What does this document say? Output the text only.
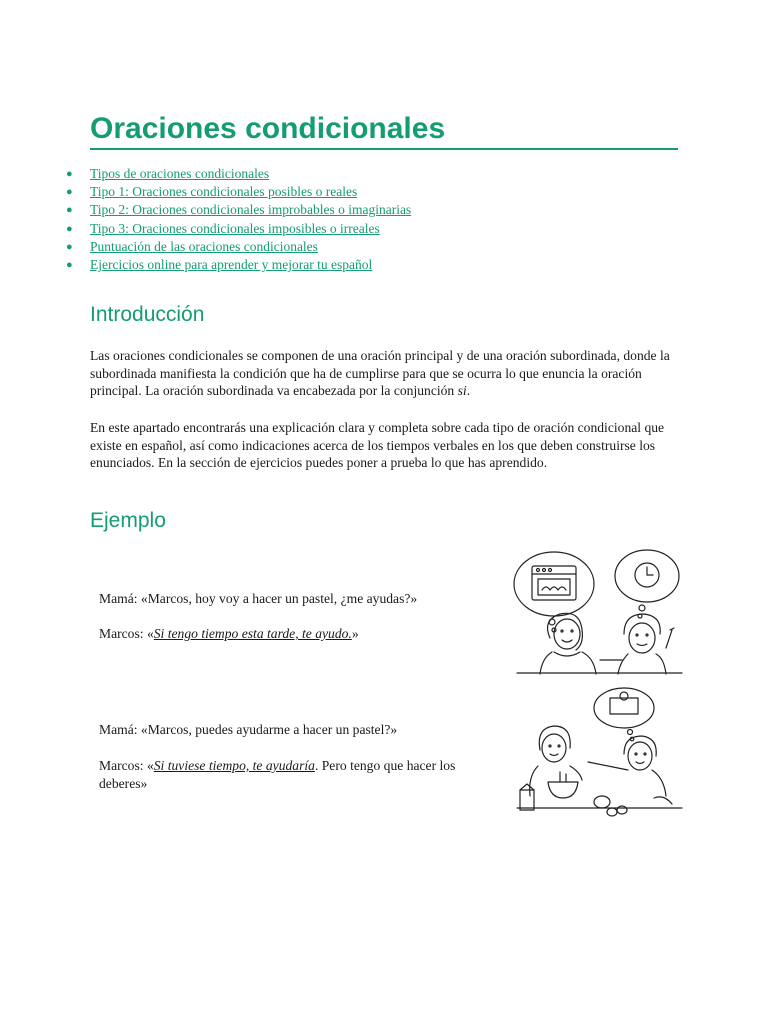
Oraciones condicionales
● Tipos de oraciones condicionales
● Tipo 1: Oraciones condicionales posibles o reales
● Tipo 2: Oraciones condicionales improbables o imaginarias
● Tipo 3: Oraciones condicionales imposibles o irreales
● Puntuación de las oraciones condicionales
● Ejercicios online para aprender y mejorar tu español
Introducción

Las oraciones condicionales se componen de una oración principal y de una oración subordinada, donde la subordinada manifiesta la condición que ha de cumplirse para que se ocurra lo que enuncia la oración principal. La oración subordinada va encabezada por la conjunción si.

En este apartado encontrarás una explicación clara y completa sobre cada tipo de oración condicional que existe en español, así como indicaciones acerca de los tiempos verbales en los que deben construirse los enunciados. En la sección de ejercicios puedes poner a prueba lo que has aprendido.

Ejemplo

Mamá: «Marcos, hoy voy a hacer un pastel, ¿me ayudas?»

Marcos: «Si tengo tiempo esta tarde, te ayudo.»

Mamá: «Marcos, puedes ayudarme a hacer un pastel?»

Marcos: «Si tuviese tiempo, te ayudaría. Pero tengo que hacer los
deberes»
